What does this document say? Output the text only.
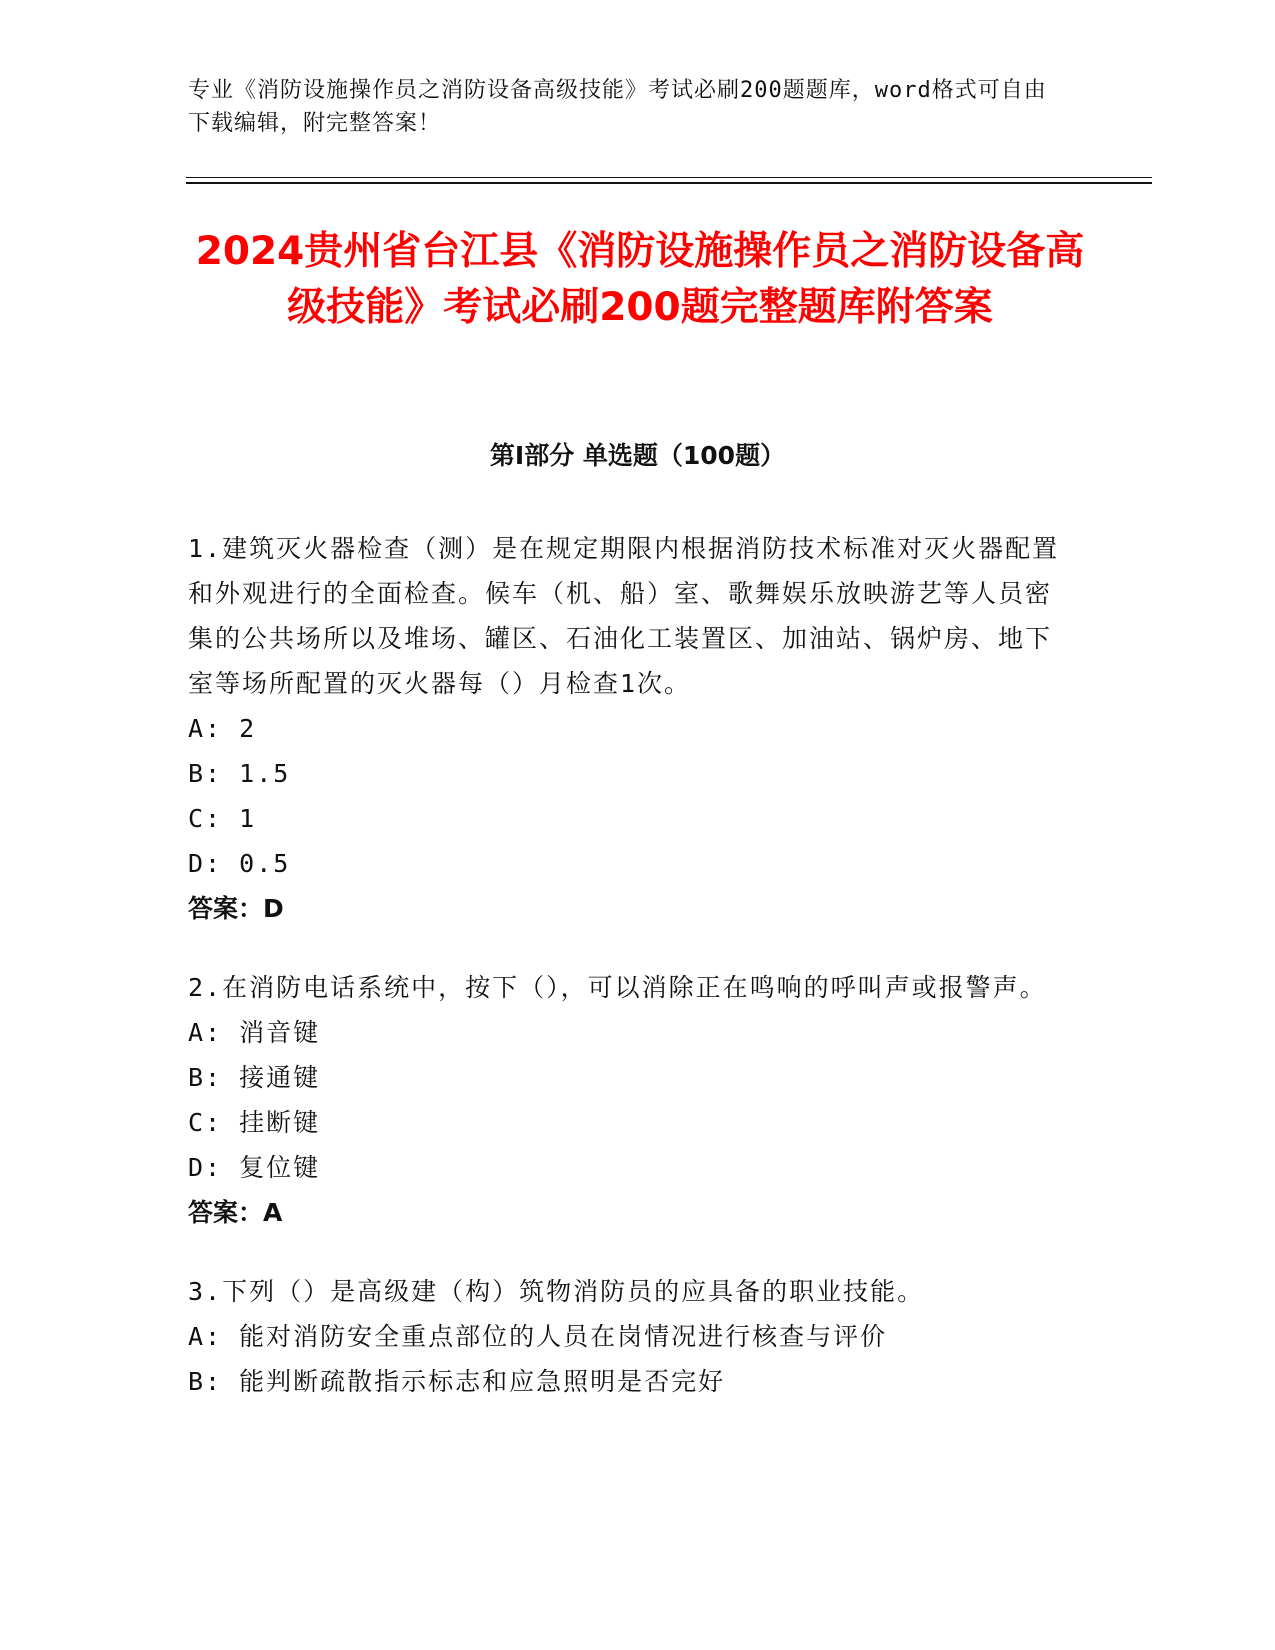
专业《消防设施操作员之消防设备高级技能》考试必刷200题题库，word格式可自由下载编辑，附完整答案！
2024贵州省台江县《消防设施操作员之消防设备高级技能》考试必刷200题完整题库附答案
第I部分 单选题（100题）

1.建筑灭火器检查（测）是在规定期限内根据消防技术标准对灭火器配置和外观进行的全面检查。候车（机、船）室、歌舞娱乐放映游艺等人员密集的公共场所以及堆场、罐区、石油化工装置区、加油站、锅炉房、地下室等场所配置的灭火器每（）月检查1次。

A: 2

B: 1.5

C: 1

D: 0.5

答案：D

2.在消防电话系统中，按下（），可以消除正在鸣响的呼叫声或报警声。

A: 消音键

B: 接通键

C: 挂断键

D: 复位键

答案：A

3.下列（）是高级建（构）筑物消防员的应具备的职业技能。

A: 能对消防安全重点部位的人员在岗情况进行核查与评价

B: 能判断疏散指示标志和应急照明是否完好
